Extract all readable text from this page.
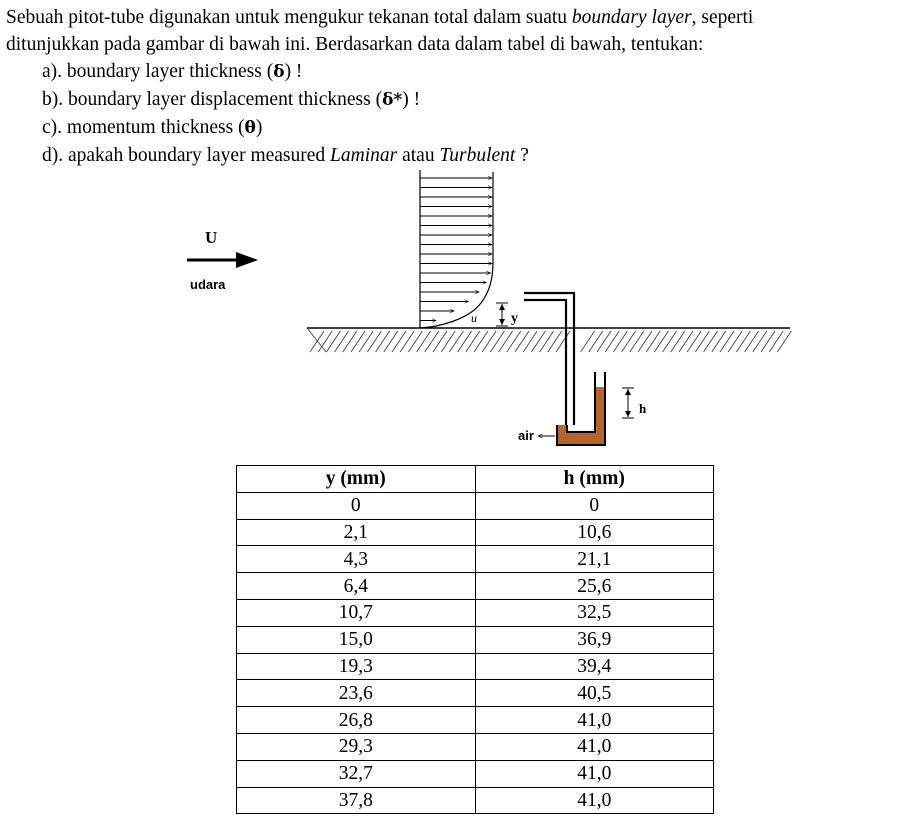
Sebuah pitot-tube digunakan untuk mengukur tekanan total dalam suatu boundary layer, seperti

ditunjukkan pada gambar di bawah ini. Berdasarkan data dalam tabel di bawah, tentukan:

a). boundary layer thickness (δ) !

b). boundary layer displacement thickness (δ*) !

c). momentum thickness (θ)

d). apakah boundary layer measured Laminar atau Turbulent ?

U
udara
u y
h
air
y (mm)	h (mm)
0	0
2,1	10,6
4,3	21,1
6,4	25,6
10,7	32,5
15,0	36,9
19,3	39,4
23,6	40,5
26,8	41,0
29,3	41,0
32,7	41,0
37,8	41,0
